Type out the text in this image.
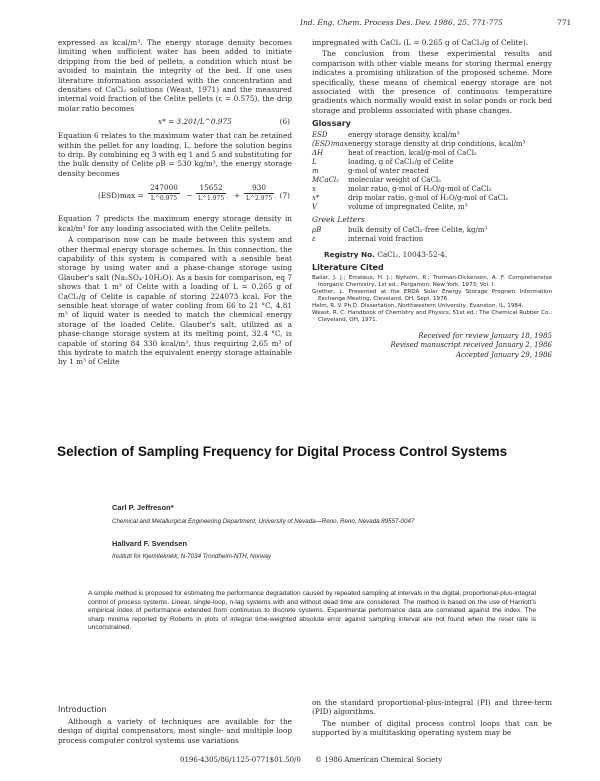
Ind. Eng. Chem. Process Des. Dev. 1986, 25, 771-775	771

expressed as kcal/m³. The energy storage density becomes limiting when sufficient water has been added to initiate dripping from the bed of pellets, a condition which must be avoided to maintain the integrity of the bed. If one uses literature information associated with the concentration and densities of CaCl₂ solutions (Weast, 1971) and the measured internal void fraction of the Celite pellets (ε = 0.575), the drip molar ratio becomes

x* = 3.201/L^0.975	(6)

Equation 6 relates to the maximum water that can be retained within the pellet for any loading, L, before the solution begins to drip. By combining eq 3 with eq 1 and 5 and substituting for the bulk density of Celite ρB = 530 kg/m³, the energy storage density becomes

(ESD)max =
247000
L^0.975	−
15652
L^1.975 +
930
L^2.975 (7)

Equation 7 predicts the maximum energy storage density in kcal/m³ for any loading associated with the Celite pellets.

A comparison now can be made between this system and other thermal energy storage schemes. In this connection, the capability of this system is compared with a sensible heat storage by using water and a phase-change storage using Glauber's salt (Na₂SO₄·10H₂O). As a basis for comparison, eq 7 shows that 1 m³ of Celite with a loading of L = 0.265 g of CaCl₂/g of Celite is capable of storing 224073 kcal. For the sensible heat storage of water cooling from 66 to 21 °C, 4.81 m³ of liquid water is needed to match the chemical energy storage of the loaded Celite. Glauber's salt, utilized as a phase-change storage system at its melting point, 32.4 °C, is capable of storing 84 330 kcal/m³, thus requiring 2.65 m³ of this hydrate to match the equivalent energy storage attainable by 1 m³ of Celite

impregnated with CaCl₂ (L = 0.265 g of CaCl₂/g of Celite).

The conclusion from these experimental results and comparison with other viable means for storing thermal energy indicates a promising utilization of the proposed scheme. More specifically, these means of chemical energy storage are not associated with the presence of continuous temperature gradients which normally would exist in solar ponds or rock bed storage and problems associated with phase changes.

Glossary
ESD	energy storage density, kcal/m³
(ESD)max energy storage density at drip conditions, kcal/m³
ΔH	heat of reaction, kcal/g-mol of CaCl₂
L	loading, g of CaCl₂/g of Celite
m	g-mol of water reacted
MCaCl₂	molecular weight of CaCl₂
x	molar ratio, g-mol of H₂O/g-mol of CaCl₂
x*	drip molar ratio, g-mol of H₂O/g-mol of CaCl₂
V	volume of impregnated Celite, m³
Greek Letters
ρB	bulk density of CaCl₂-free Celite, kg/m³
ε	internal void fraction
Registry No. CaCl₂, 10043-52-4.
Literature Cited
Bailar, J. J.; Emeleus, H. J.; Nyholm, R.; Trotman-Dickenson, A. F. Comprehensive Inorganic Chemistry, 1st ed.; Pergamon: New York, 1973; Vol. I.
Grether, L. Presented at the ERDA Solar Energy Storage Program Information Exchange Meeting, Cleveland, OH, Sept. 1976.
Helm, R. V. Ph.D. Dissertation, Northwestern University, Evanston, IL, 1984.
Weast, R. C. Handbook of Chemistry and Physics, 51st ed.; The Chemical Rubber Co.: Cleveland, OH, 1971.
Received for review January 18, 1985
Revised manuscript received January 2, 1986
Accepted January 29, 1986
Selection of Sampling Frequency for Digital Process Control Systems
Carl P. Jeffreson*
Chemical and Metallurgical Engineering Department, University of Nevada—Reno, Reno, Nevada 89557-0047
Hallvard F. Svendsen
Institutt for Kjemiteknikk, N-7034 Trondheim-NTH, Norway
A simple method is proposed for estimating the performance degradation caused by repeated sampling at intervals in the digital, proportional-plus-integral control of process systems. Linear, single-loop, n-lag systems with and without dead time are considered. The method is based on the use of Harriott's empirical index of performance extended from continuous to discrete systems. Experimental performance data are correlated against the index. The sharp minima reported by Roberts in plots of integral time-weighted absolute error against sampling interval are not found when the reset rate is unconstrained.
Introduction

Although a variety of techniques are available for the design of digital compensators, most single- and multiple loop process computer control systems use variations

on the standard proportional-plus-integral (PI) and three-term (PID) algorithms.

The number of digital process control loops that can be supported by a multitasking operating system may be

0196-4305/86/1125-0771$01.50/0 © 1986 American Chemical Society
